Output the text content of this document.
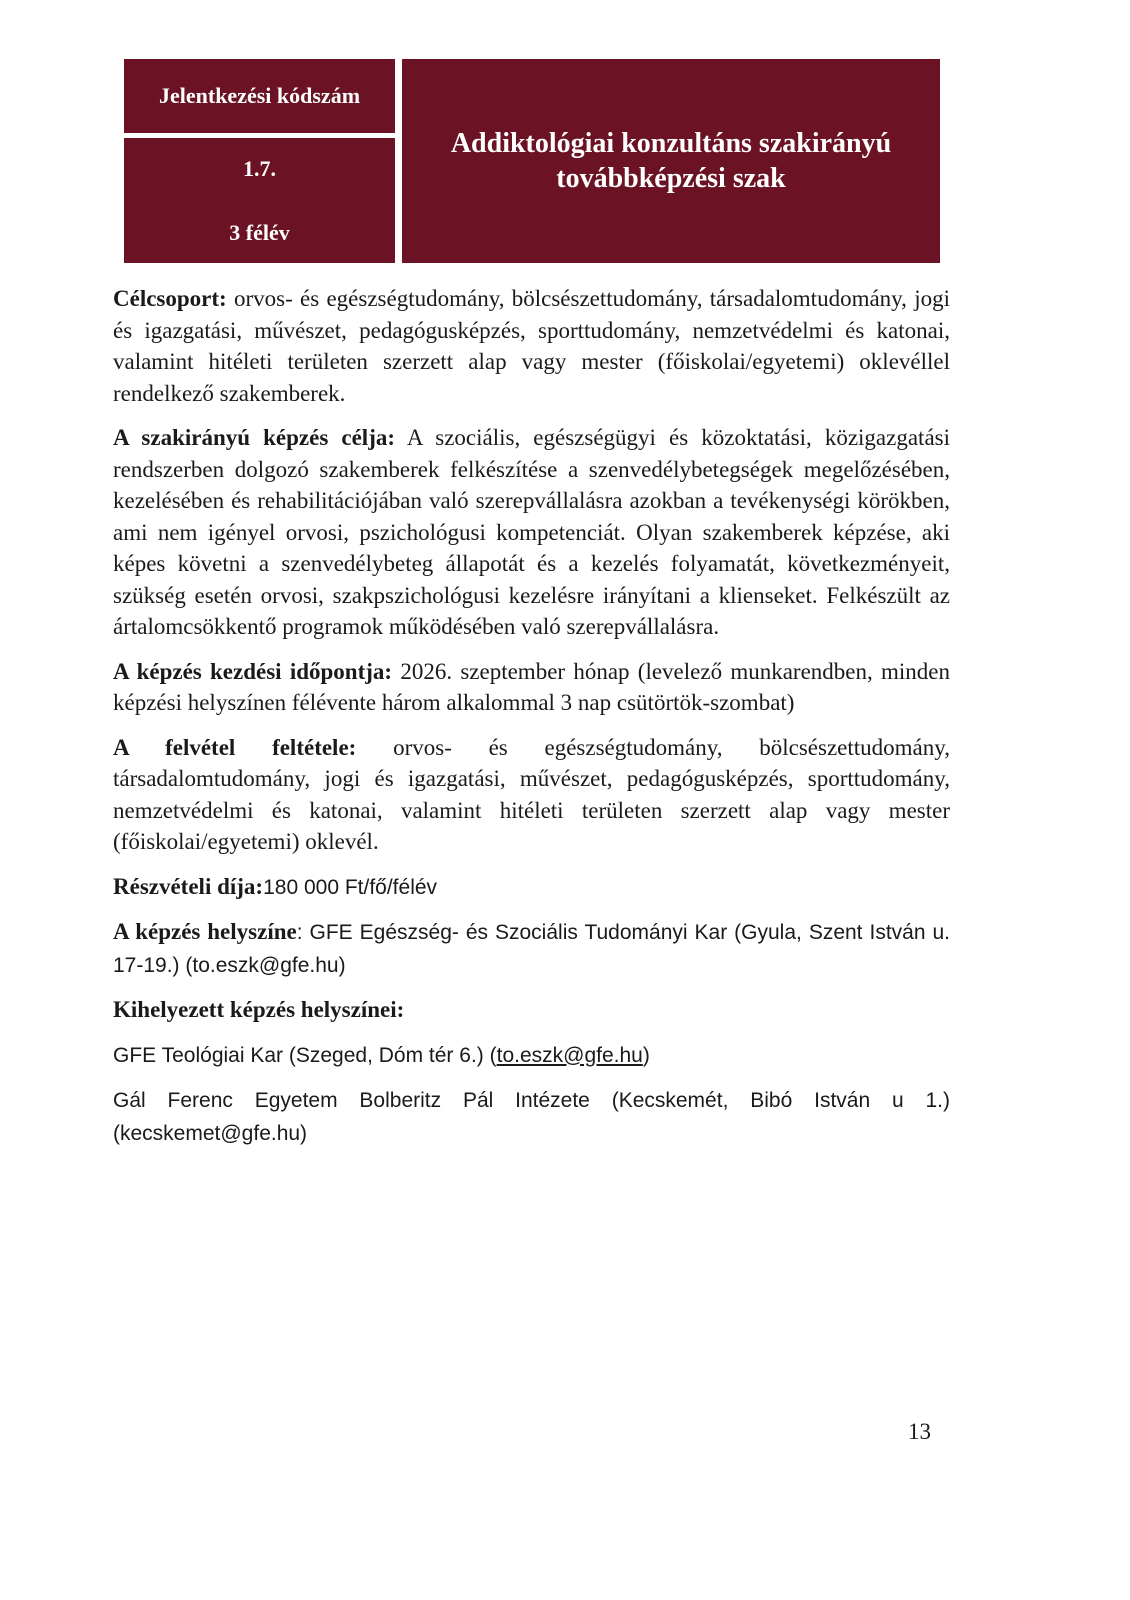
Jelentkezési kódszám
1.7.
3 félév
Addiktológiai konzultáns szakirányú továbbképzési szak

Célcsoport: orvos- és egészségtudomány, bölcsészettudomány, társadalomtudomány, jogi és igazgatási, művészet, pedagógusképzés, sporttudomány, nemzetvédelmi és katonai, valamint hitéleti területen szerzett alap vagy mester (főiskolai/egyetemi) oklevéllel rendelkező szakemberek.

A szakirányú képzés célja: A szociális, egészségügyi és közoktatási, közigazgatási rendszerben dolgozó szakemberek felkészítése a szenvedélybetegségek megelőzésében, kezelésében és rehabilitációjában való szerepvállalásra azokban a tevékenységi körökben, ami nem igényel orvosi, pszichológusi kompetenciát. Olyan szakemberek képzése, aki képes követni a szenvedélybeteg állapotát és a kezelés folyamatát, következményeit, szükség esetén orvosi, szakpszichológusi kezelésre irányítani a klienseket. Felkészült az ártalomcsökkentő programok működésében való szerepvállalásra.

A képzés kezdési időpontja: 2026. szeptember hónap (levelező munkarendben, minden képzési helyszínen félévente három alkalommal 3 nap csütörtök-szombat)

A felvétel feltétele: orvos- és egészségtudomány, bölcsészettudomány, társadalomtudomány, jogi és igazgatási, művészet, pedagógusképzés, sporttudomány, nemzetvédelmi és katonai, valamint hitéleti területen szerzett alap vagy mester (főiskolai/egyetemi) oklevél.

Részvételi díja:180 000 Ft/fő/félév

A képzés helyszíne: GFE Egészség- és Szociális Tudományi Kar (Gyula, Szent István u. 17-19.) (to.eszk@gfe.hu)

Kihelyezett képzés helyszínei:

GFE Teológiai Kar (Szeged, Dóm tér 6.) (to.eszk@gfe.hu)

Gál Ferenc Egyetem Bolberitz Pál Intézete (Kecskemét, Bibó István u 1.) (kecskemet@gfe.hu)

13
